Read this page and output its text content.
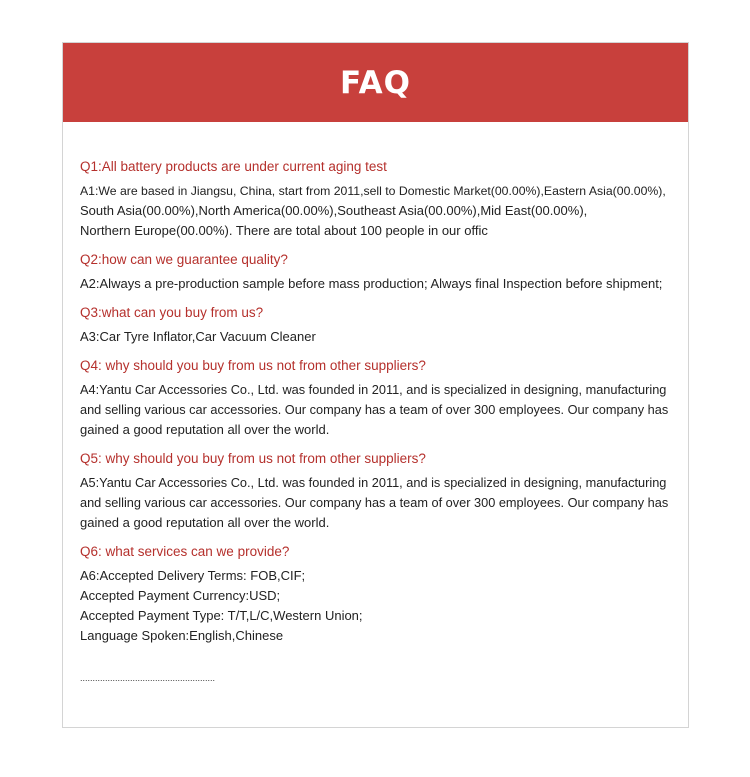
FAQ

Q1:All battery products are under current aging test

A1:We are based in Jiangsu, China, start from 2011,sell to Domestic Market(00.00%),Eastern Asia(00.00%),
South Asia(00.00%),North America(00.00%),Southeast Asia(00.00%),Mid East(00.00%),
Northern Europe(00.00%). There are total about 100 people in our offic

Q2:how can we guarantee quality?

A2:Always a pre-production sample before mass production; Always final Inspection before shipment;

Q3:what can you buy from us?

A3:Car Tyre Inflator,Car Vacuum Cleaner

Q4: why should you buy from us not from other suppliers?

A4:Yantu Car Accessories Co., Ltd. was founded in 2011, and is specialized in designing, manufacturing
and selling various car accessories. Our company has a team of over 300 employees. Our company has
gained a good reputation all over the world.

Q5: why should you buy from us not from other suppliers?

A5:Yantu Car Accessories Co., Ltd. was founded in 2011, and is specialized in designing, manufacturing
and selling various car accessories. Our company has a team of over 300 employees. Our company has
gained a good reputation all over the world.

Q6: what services can we provide?

A6:Accepted Delivery Terms: FOB,CIF;
Accepted Payment Currency:USD;
Accepted Payment Type: T/T,L/C,Western Union;
Language Spoken:English,Chinese

......................................................
